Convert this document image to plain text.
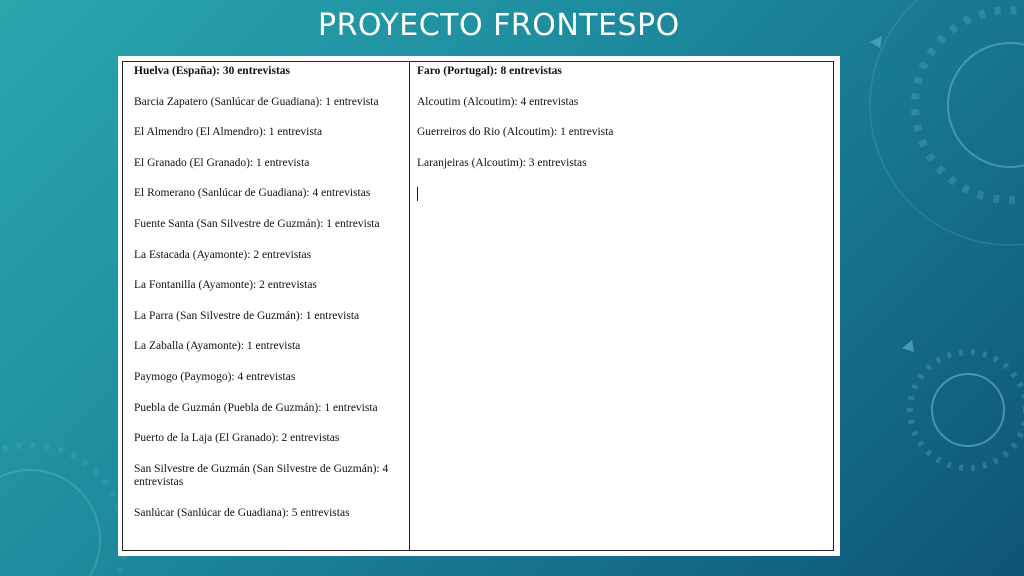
PROYECTO FRONTESPO
Huelva (España): 30 entrevistas
Barcia Zapatero (Sanlúcar de Guadiana): 1 entrevista
El Almendro (El Almendro): 1 entrevista
El Granado (El Granado): 1 entrevista
El Romerano (Sanlúcar de Guadiana): 4 entrevistas
Fuente Santa (San Silvestre de Guzmán): 1 entrevista
La Estacada (Ayamonte): 2 entrevistas
La Fontanilla (Ayamonte): 2 entrevistas
La Parra (San Silvestre de Guzmán): 1 entrevista
La Zaballa (Ayamonte): 1 entrevista
Paymogo (Paymogo): 4 entrevistas
Puebla de Guzmán (Puebla de Guzmán): 1 entrevista
Puerto de la Laja (El Granado): 2 entrevistas
San Silvestre de Guzmán (San Silvestre de Guzmán): 4 entrevistas
Sanlúcar (Sanlúcar de Guadiana): 5 entrevistas
Faro (Portugal): 8 entrevistas
Alcoutim (Alcoutim): 4 entrevistas
Guerreiros do Rio (Alcoutim): 1 entrevista
Laranjeiras (Alcoutim): 3 entrevistas
